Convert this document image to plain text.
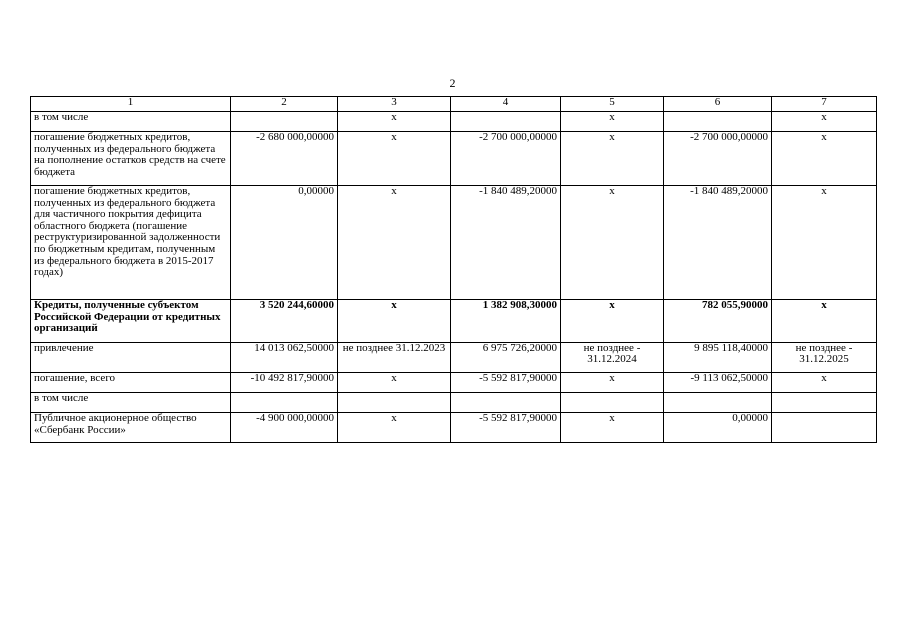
2
1	2	3	4	5	6	7
в том числе		х		х		х
погашение бюджетных кредитов, полученных из федерального бюджета на пополнение остатков средств на счете бюджета	-2 680 000,00000	х	-2 700 000,00000	х	-2 700 000,00000	х
погашение бюджетных кредитов, полученных из федерального бюджета для частичного покрытия дефицита областного бюджета (погашение реструктуризированной задолженности по бюджетным кредитам, полученным из федерального бюджета в 2015-2017 годах)	0,00000	х	-1 840 489,20000	х	-1 840 489,20000	х
Кредиты, полученные субъектом Российской Федерации от кредитных организаций	3 520 244,60000	х	1 382 908,30000	х	782 055,90000	х
привлечение	14 013 062,50000	не позднее 31.12.2023	6 975 726,20000	не позднее - 31.12.2024	9 895 118,40000	не позднее - 31.12.2025
погашение, всего	-10 492 817,90000	х	-5 592 817,90000	х	-9 113 062,50000	х
в том числе						
Публичное акционерное общество «Сбербанк России»	-4 900 000,00000	х	-5 592 817,90000	х	0,00000	
